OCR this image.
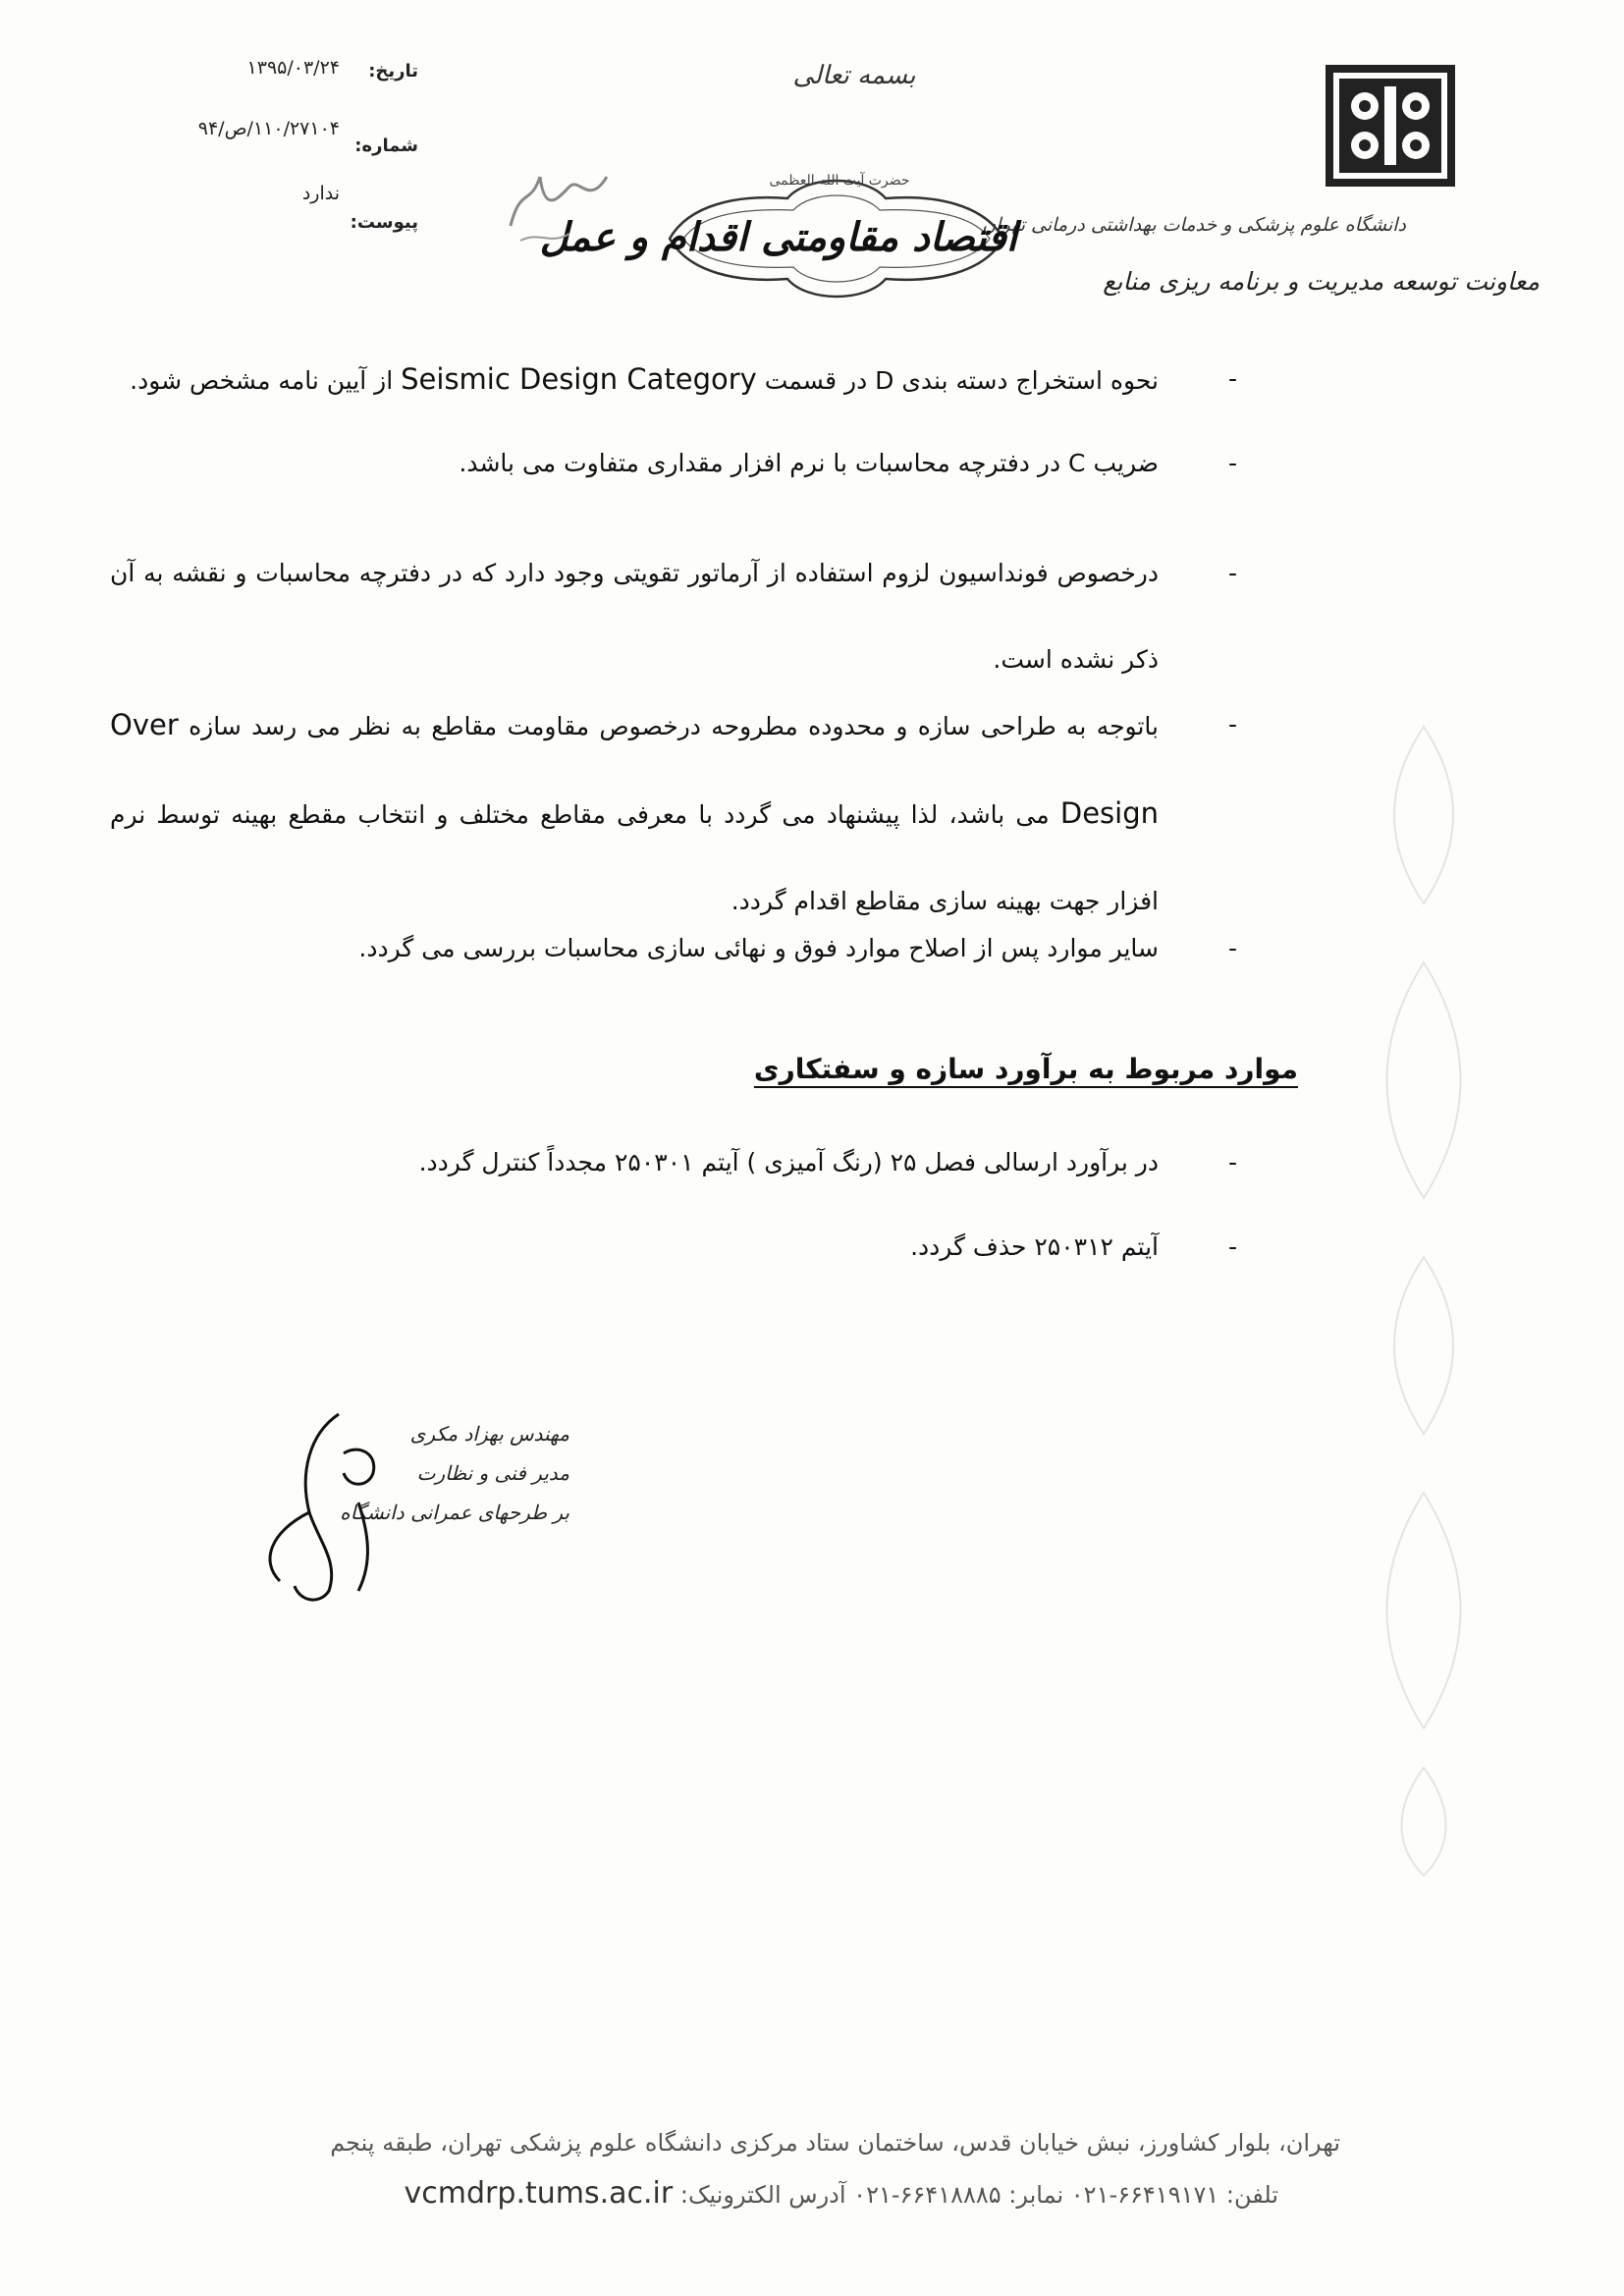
دانشگاه علوم پزشکی و خدمات بهداشتی درمانی تهران
معاونت توسعه مدیریت و برنامه ریزی منابع
بسمه تعالی
حضرت آیت الله العظمی
اقتصاد مقاومتی اقدام و عمل
تاریخ:
۱۳۹۵/۰۳/۲۴
شماره:
۱۱۰/۲۷۱۰۴/ص/۹۴
پیوست:
ندارد

-
نحوه استخراج دسته بندی D در قسمت Seismic Design Category از آیین نامه مشخص شود.

-
ضریب C در دفترچه محاسبات با نرم افزار مقداری متفاوت می باشد.

-
درخصوص فونداسیون لزوم استفاده از آرماتور تقویتی وجود دارد که در دفترچه محاسبات و نقشه به آن ذکر نشده است.

-
باتوجه به طراحی سازه و محدوده مطروحه درخصوص مقاومت مقاطع به نظر می رسد سازه Over Design می باشد، لذا پیشنهاد می گردد با معرفی مقاطع مختلف و انتخاب مقطع بهینه توسط نرم افزار جهت بهینه سازی مقاطع اقدام گردد.

-
سایر موارد پس از اصلاح موارد فوق و نهائی سازی محاسبات بررسی می گردد.

موارد مربوط به برآورد سازه و سفتکاری

-
در برآورد ارسالی فصل ۲۵ (رنگ آمیزی ) آیتم ۲۵۰۳۰۱ مجدداً کنترل گردد.

-
آیتم ۲۵۰۳۱۲ حذف گردد.

مهندس بهزاد مکری
مدیر فنی و نظارت
بر طرحهای عمرانی دانشگاه
تهران، بلوار کشاورز، نبش خیابان قدس، ساختمان ستاد مرکزی دانشگاه علوم پزشکی تهران، طبقه پنجم
تلفن: ۶۶۴۱۹۱۷۱-۰۲۱ نمابر: ۶۶۴۱۸۸۸۵-۰۲۱ آدرس الکترونیک: vcmdrp.tums.ac.ir
